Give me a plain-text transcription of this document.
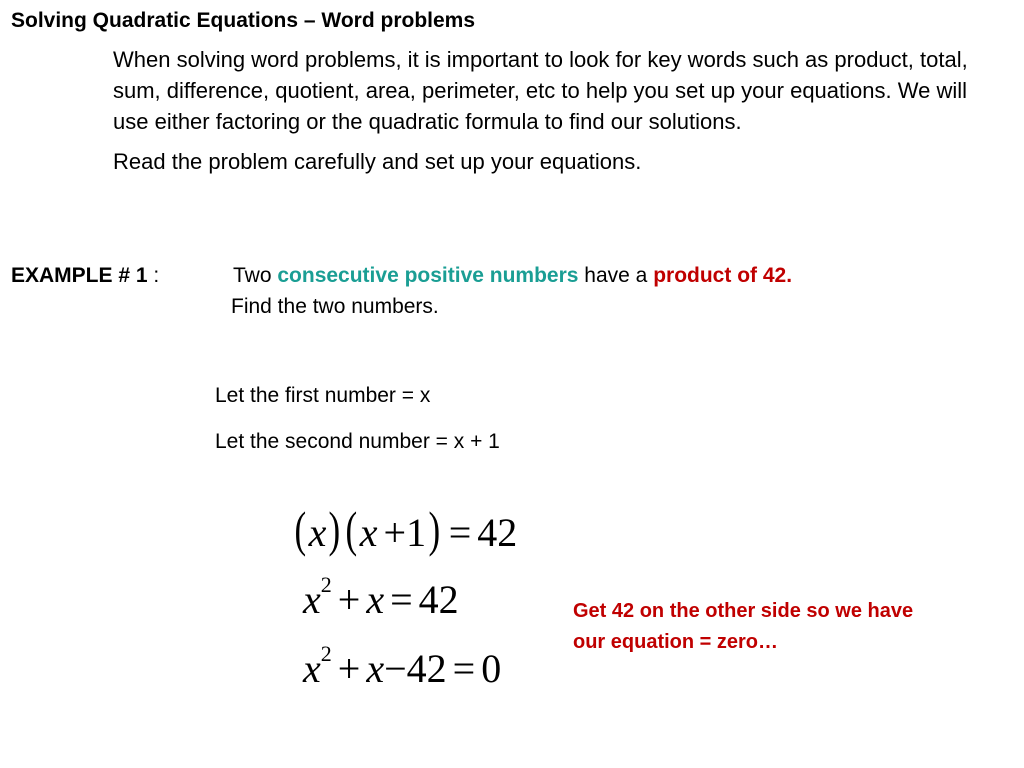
Solving Quadratic Equations – Word problems

When solving word problems, it is important to look for key words such as product, total, sum, difference, quotient, area, perimeter, etc to help you set up your equations. We will use either factoring or the quadratic formula to find our solutions.

Read the problem carefully and set up your equations.

EXAMPLE # 1 :	Two consecutive positive numbers have a product of 42.
Find the two numbers.
Let the first number = x
Let the second number = x + 1
(x)(x +1) = 42
$x^2 + x = 42$
$x^2 + x-42 = 0$
Get 42 on the other side so we have
our equation = zero…
